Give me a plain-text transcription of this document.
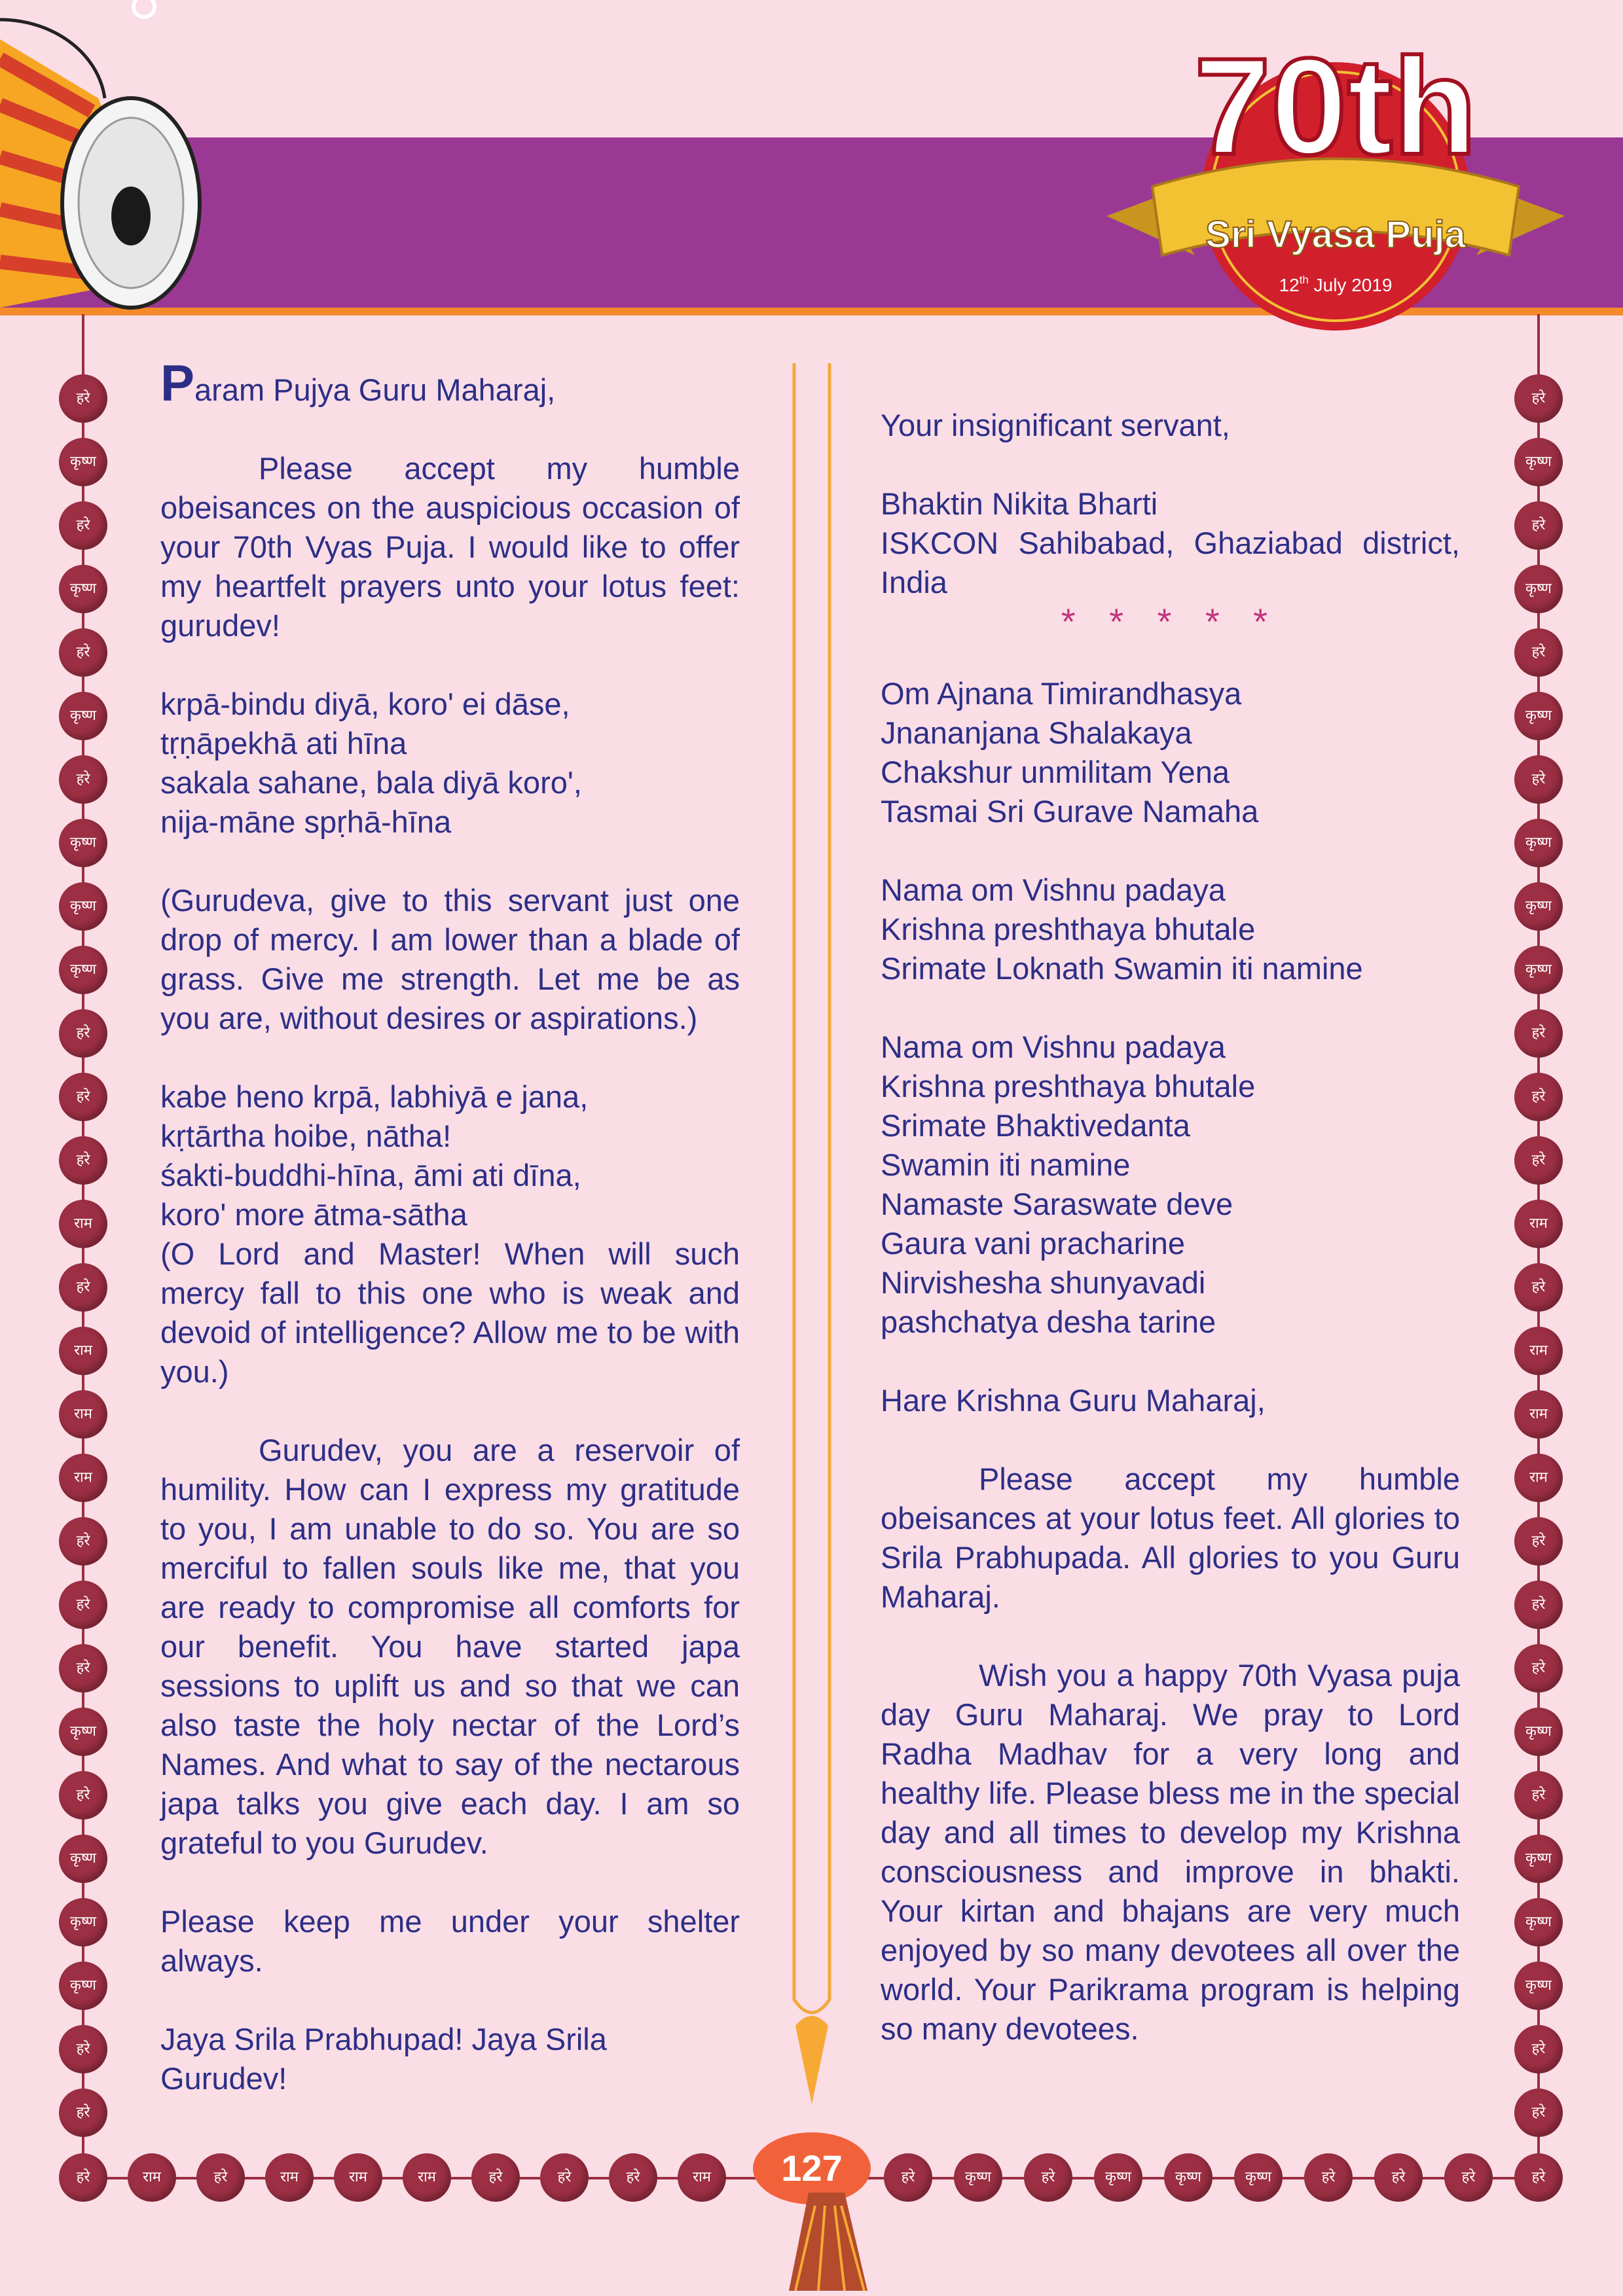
70th
Sri Vyasa Puja
12th July 2019
हरे
कृष्ण
हरे
कृष्ण
हरे
कृष्ण
हरे
कृष्ण
कृष्ण
कृष्ण
हरे
हरे
हरे
राम
हरे
राम
राम
राम
हरे
हरे
हरे
कृष्ण
हरे
कृष्ण
कृष्ण
कृष्ण
हरे
हरे
हरे
कृष्ण
हरे
कृष्ण
हरे
कृष्ण
हरे
कृष्ण
कृष्ण
कृष्ण
हरे
हरे
हरे
राम
हरे
राम
राम
राम
हरे
हरे
हरे
कृष्ण
हरे
कृष्ण
कृष्ण
कृष्ण
हरे
हरे
हरे	राम	हरे	राम	राम	राम	हरे	हरे	हरे	राम	हरे	कृष्ण	हरे	कृष्ण	कृष्ण	कृष्ण	हरे	हरे	हरे	हरे
127

Param Pujya Guru Maharaj,

Please accept my humble obeisances on the auspicious occasion of your 70th Vyas Puja. I would like to offer my heartfelt prayers unto your lotus feet: gurudev!

krpā-bindu diyā, koro' ei dāse,
tṛṇāpekhā ati hīna
sakala sahane, bala diyā koro',
nija-māne spṛhā-hīna

(Gurudeva, give to this servant just one drop of mercy. I am lower than a blade of grass. Give me strength. Let me be as you are, without desires or aspirations.)

kabe heno krpā, labhiyā e jana,
kṛtārtha hoibe, nātha!
śakti-buddhi-hīna, āmi ati dīna,
koro' more ātma-sātha

(O Lord and Master! When will such mercy fall to this one who is weak and devoid of intelligence? Allow me to be with you.)

Gurudev, you are a reservoir of humility. How can I express my gratitude to you, I am unable to do so. You are so merciful to fallen souls like me, that you are ready to compromise all comforts for our benefit. You have started japa sessions to uplift us and so that we can also taste the holy nectar of the Lord’s Names. And what to say of the nectarous japa talks you give each day. I am so grateful to you Gurudev.

Please keep me under your shelter always.

Jaya Srila Prabhupad! Jaya Srila Gurudev!

Your insignificant servant,

Bhaktin Nikita Bharti
ISKCON Sahibabad, Ghaziabad district, India
* * * * *

Om Ajnana Timirandhasya
Jnananjana Shalakaya
Chakshur unmilitam Yena
Tasmai Sri Gurave Namaha

Nama om Vishnu padaya
Krishna preshthaya bhutale
Srimate Loknath Swamin iti namine

Nama om Vishnu padaya
Krishna preshthaya bhutale
Srimate Bhaktivedanta
Swamin iti namine
Namaste Saraswate deve
Gaura vani pracharine
Nirvishesha shunyavadi
pashchatya desha tarine

Hare Krishna Guru Maharaj,

Please accept my humble obeisances at your lotus feet. All glories to Srila Prabhupada. All glories to you Guru Maharaj.

Wish you a happy 70th Vyasa puja day Guru Maharaj. We pray to Lord Radha Madhav for a very long and healthy life. Please bless me in the special day and all times to develop my Krishna consciousness and improve in bhakti. Your kirtan and bhajans are very much enjoyed by so many devotees all over the world. Your Parikrama program is helping so many devotees.
